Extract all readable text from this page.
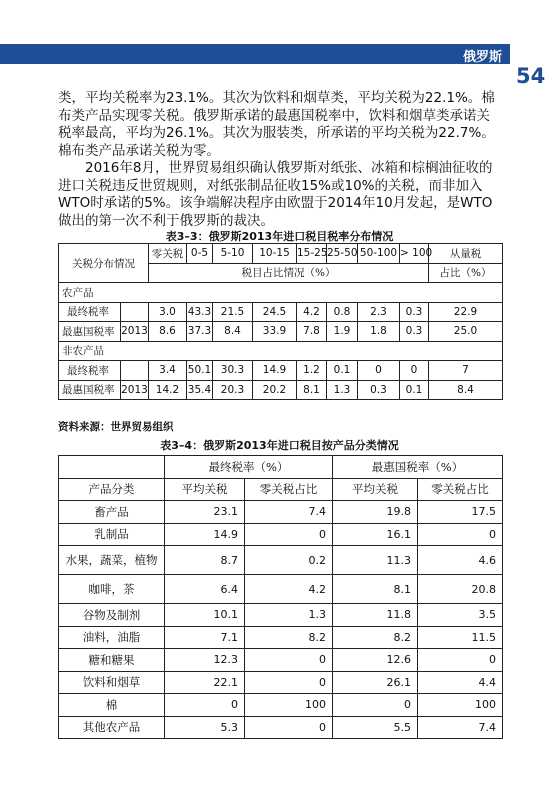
俄罗斯
54

类，平均关税率为23.1%。其次为饮料和烟草类，平均关税为22.1%。棉布类产品实现零关税。俄罗斯承诺的最惠国税率中，饮料和烟草类承诺关税率最高，平均为26.1%。其次为服装类，所承诺的平均关税为22.7%。棉布类产品承诺关税为零。

2016年8月，世界贸易组织确认俄罗斯对纸张、冰箱和棕榈油征收的进口关税违反世贸规则，对纸张制品征收15%或10%的关税，而非加入WTO时承诺的5%。该争端解决程序由欧盟于2014年10月发起，是WTO做出的第一次不利于俄罗斯的裁决。

表3–3：俄罗斯2013年进口税目税率分布情况
关税分布情况		零关税	0-5	5-10	10-15	15-25	25-50	50-100	> 100	从量税
		税目占比情况（%）								占比（%）
农产品										
最终税率		3.0	43.3	21.5	24.5	4.2	0.8	2.3	0.3	22.9
最惠国税率	2013	8.6	37.3	8.4	33.9	7.8	1.9	1.8	0.3	25.0
非农产品										
最终税率		3.4	50.1	30.3	14.9	1.2	0.1	0	0	7
最惠国税率	2013	14.2	35.4	20.3	20.2	8.1	1.3	0.3	0.1	8.4
资料来源：世界贸易组织
表3–4：俄罗斯2013年进口税目按产品分类情况
	最终税率（%）		最惠国税率（%）	
产品分类	平均关税	零关税占比	平均关税	零关税占比
畜产品	23.1	7.4	19.8	17.5
乳制品	14.9	0	16.1	0
水果，蔬菜，植物	8.7	0.2	11.3	4.6
咖啡，茶	6.4	4.2	8.1	20.8
谷物及制剂	10.1	1.3	11.8	3.5
油料，油脂	7.1	8.2	8.2	11.5
糖和糖果	12.3	0	12.6	0
饮料和烟草	22.1	0	26.1	4.4
棉	0	100	0	100
其他农产品	5.3	0	5.5	7.4
